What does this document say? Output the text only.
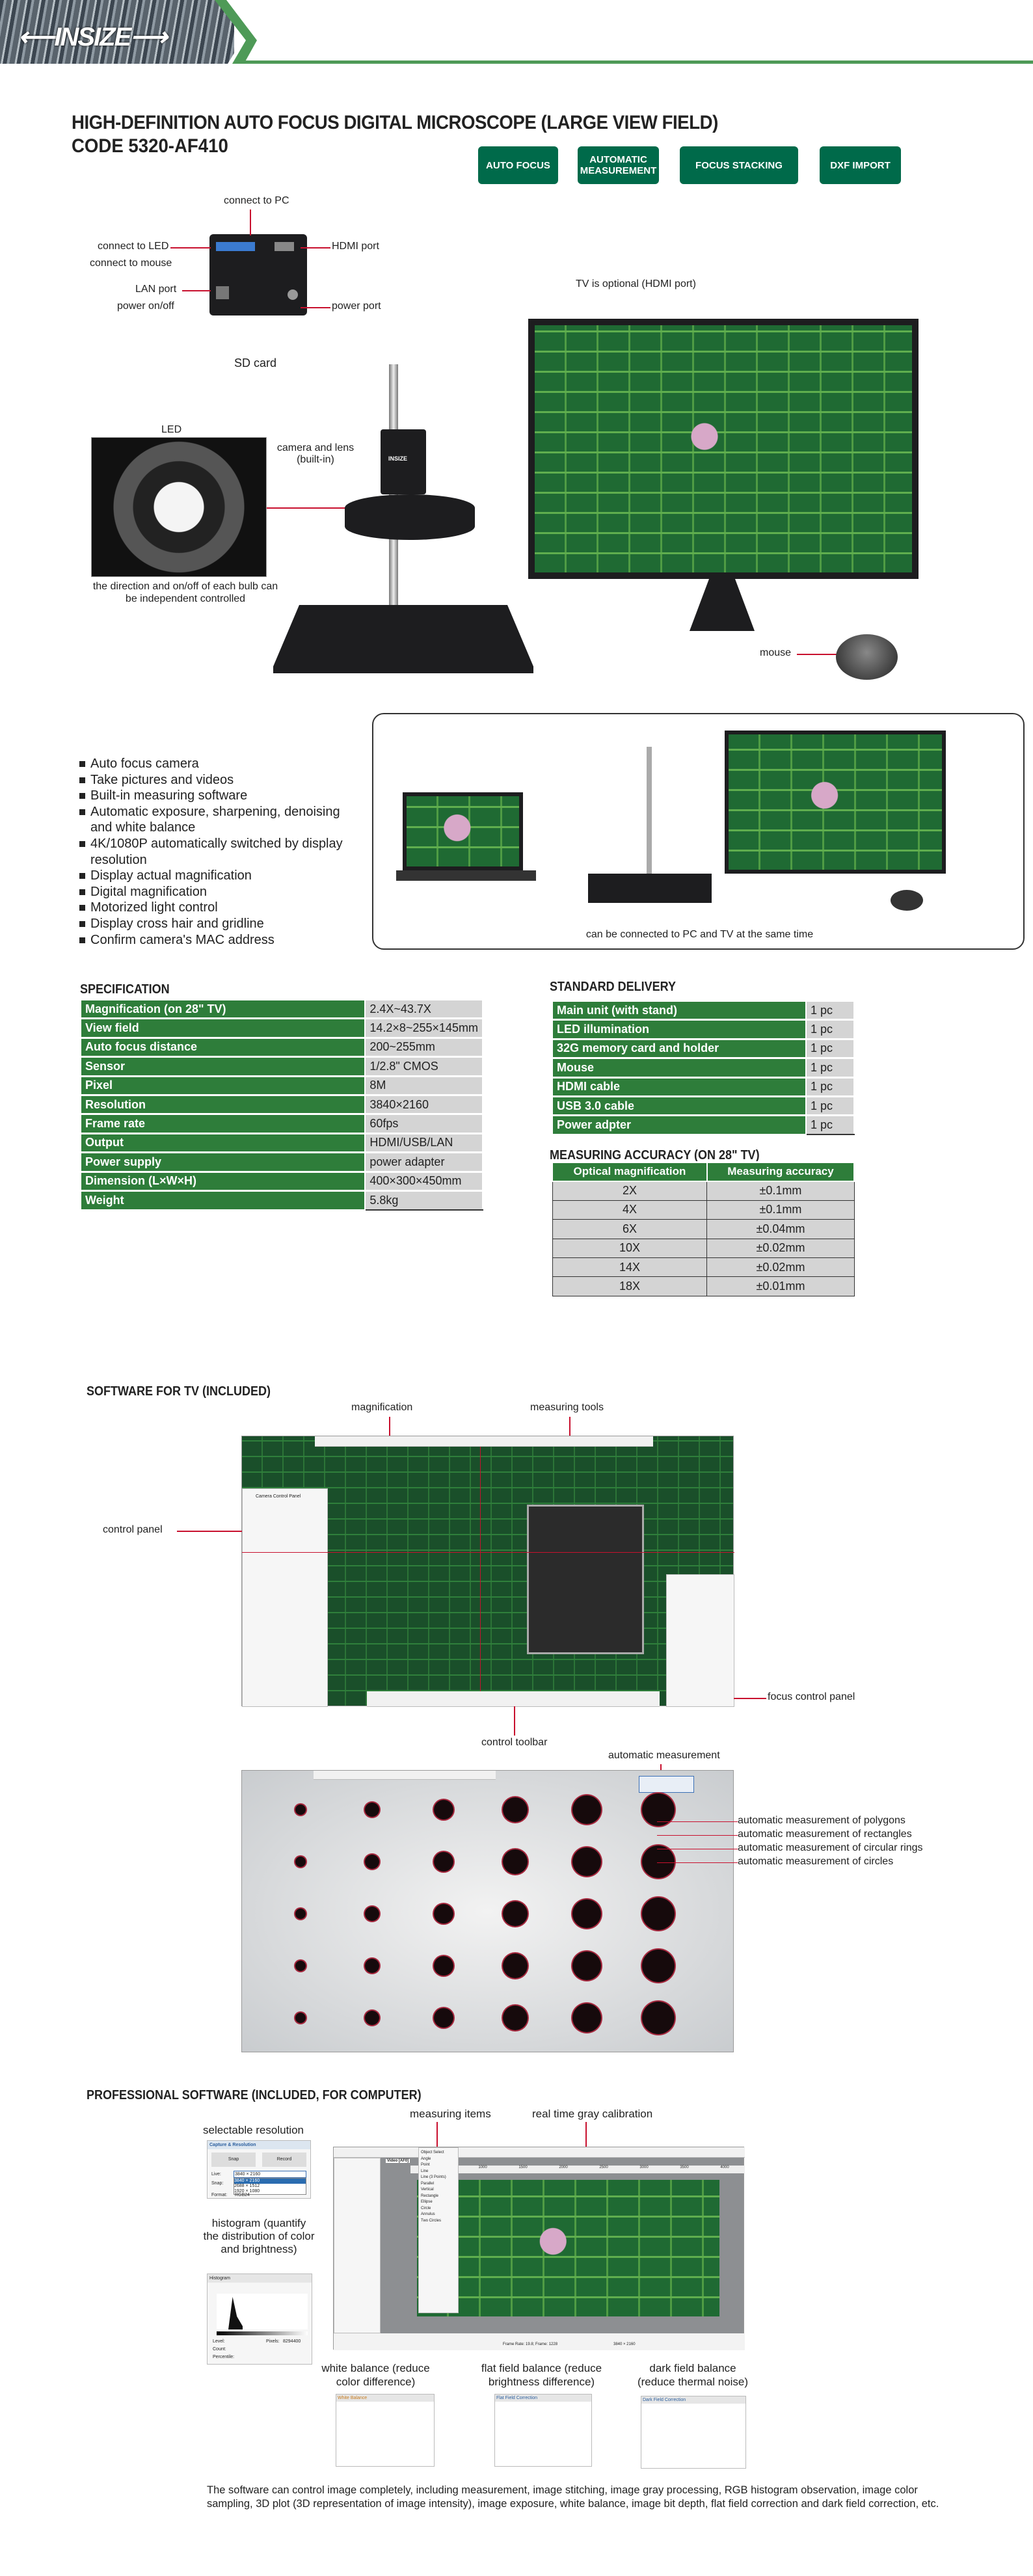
⟵INSIZE⟶
HIGH-DEFINITION AUTO FOCUS DIGITAL MICROSCOPE (LARGE VIEW FIELD)
CODE 5320-AF410
AUTO FOCUS	AUTOMATIC MEASUREMENT	FOCUS STACKING	DXF IMPORT
connect to PC
connect to LED
connect to mouse
LAN port
power on/off
HDMI port
power port
SD card
LED
the direction and on/off of each bulb can be independent controlled
camera and lens (built-in)	INSIZE
TV is optional (HDMI port)
mouse
Auto focus camera
Take pictures and videos
Built-in measuring software
Automatic exposure, sharpening, denoising and white balance
4K/1080P automatically switched by display resolution
Display actual magnification
Digital magnification
Motorized light control
Display cross hair and gridline
Confirm camera's MAC address	can be connected to PC and TV at the same time
SPECIFICATION
Magnification (on 28" TV)	2.4X~43.7X
View field	14.2×8~255×145mm
Auto focus distance	200~255mm
Sensor	1/2.8" CMOS
Pixel	8M
Resolution	3840×2160
Frame rate	60fps
Output	HDMI/USB/LAN
Power supply	power adapter
Dimension (L×W×H)	400×300×450mm
Weight	5.8kg
STANDARD DELIVERY
Main unit (with stand)	1 pc
LED illumination	1 pc
32G memory card and holder	1 pc
Mouse	1 pc
HDMI cable	1 pc
USB 3.0 cable	1 pc
Power adpter	1 pc
MEASURING ACCURACY (ON 28" TV)
Optical magnification	Measuring accuracy
2X	±0.1mm
4X	±0.1mm
6X	±0.04mm
10X	±0.02mm
14X	±0.02mm
18X	±0.01mm
SOFTWARE FOR TV (INCLUDED)
magnification	measuring tools
Camera Control Panel
control panel
focus control panel
control toolbar
automatic measurement
automatic measurement of polygons
automatic measurement of rectangles
automatic measurement of circular rings
automatic measurement of circles
PROFESSIONAL SOFTWARE (INCLUDED, FOR COMPUTER)
measuring items	real time gray calibration
selectable resolution
Capture & Resolution
Snap	Record
Live:	3840 × 2160
3840 × 2160
2688 × 1512
1920 × 1080
Snap:
Format: RGB24
histogram (quantify the distribution of color and brightness)
Histogram
Level:	Pixels: 8294400
Count:
Percentile:
Video [AF0]
1000	1500	2000	2500	3000	3500	4000
Object Select
Angle
Point
Line
Line (3 Points)
Parallel
Vertical
Rectangle
Ellipse
Circle
Annulus
Two Circles
Frame Rate: 19.8; Frame: 1228	3840 × 2160
white balance (reduce color difference)
flat field balance (reduce brightness difference)
dark field balance (reduce thermal noise)
White Balance	Flat Field Correction	Dark Field Correction

The software can control image completely, including measurement, image stitching, image gray processing, RGB histogram observation, image color sampling, 3D plot (3D representation of image intensity), image exposure, white balance, image bit depth, flat field correction and dark field correction, etc.
